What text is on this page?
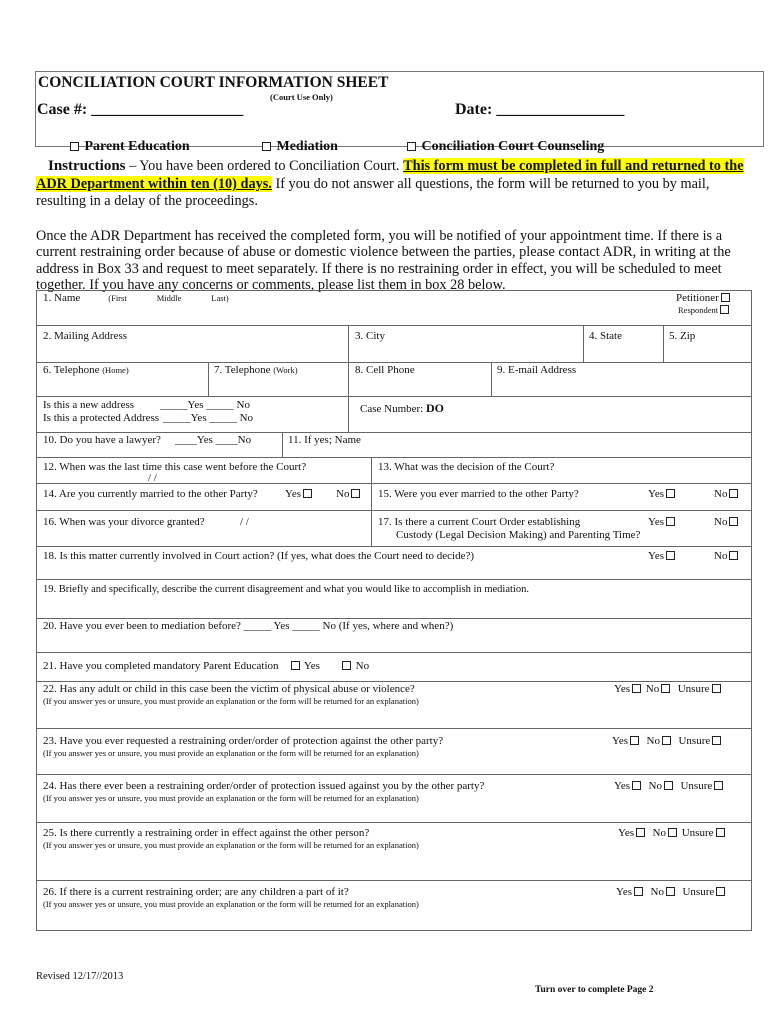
CONCILIATION COURT INFORMATION SHEET
(Court Use Only)
Case #: ___________________	Date: ________________
Parent Education	Mediation	Conciliation Court Counseling
Instructions – You have been ordered to Conciliation Court. This form must be completed in full and returned to the
ADR Department within ten (10) days. If you do not answer all questions, the form will be returned to you by mail,
resulting in a delay of the proceedings.
Once the ADR Department has received the completed form, you will be notified of your appointment time. If there is a
current restraining order because of abuse or domestic violence between the parties, please contact ADR, in writing at the
address in Box 33 and request to meet separately. If there is no restraining order in effect, you will be scheduled to meet
together. If you have any concerns or comments, please list them in box 28 below.
1. Name	(First	Middle	Last)	Petitioner
Respondent
2. Mailing Address	3. City	4. State	5. Zip
6. Telephone (Home)	7. Telephone (Work)	8. Cell Phone	9. E-mail Address
Is this a new address _____Yes _____ No
Is this a protected Address _____Yes _____ No
Case Number: DO
10. Do you have a lawyer? ____Yes ____No	11. If yes; Name
12. When was the last time this case went before the Court?
/ /
13. What was the decision of the Court?
14. Are you currently married to the other Party? Yes	No	15. Were you ever married to the other Party?	Yes	No
16. When was your divorce granted?	/ /	17. Is there a current Court Order establishing
Custody (Legal Decision Making) and Parenting Time?
Yes	No
18. Is this matter currently involved in Court action? (If yes, what does the Court need to decide?)	Yes	No
19. Briefly and specifically, describe the current disagreement and what you would like to accomplish in mediation.
20. Have you ever been to mediation before? _____ Yes _____ No (If yes, where and when?)
21. Have you completed mandatory Parent Education Yes	No
22. Has any adult or child in this case been the victim of physical abuse or violence?
(If you answer yes or unsure, you must provide an explanation or the form will be returned for an explanation)
Yes No Unsure
23. Have you ever requested a restraining order/order of protection against the other party?
(If you answer yes or unsure, you must provide an explanation or the form will be returned for an explanation)
Yes No Unsure
24. Has there ever been a restraining order/order of protection issued against you by the other party?
(If you answer yes or unsure, you must provide an explanation or the form will be returned for an explanation)
Yes No Unsure
25. Is there currently a restraining order in effect against the other person?
(If you answer yes or unsure, you must provide an explanation or the form will be returned for an explanation)
Yes No Unsure
26. If there is a current restraining order; are any children a part of it?
(If you answer yes or unsure, you must provide an explanation or the form will be returned for an explanation)
Yes No Unsure
Revised 12/17//2013
Turn over to complete Page 2
